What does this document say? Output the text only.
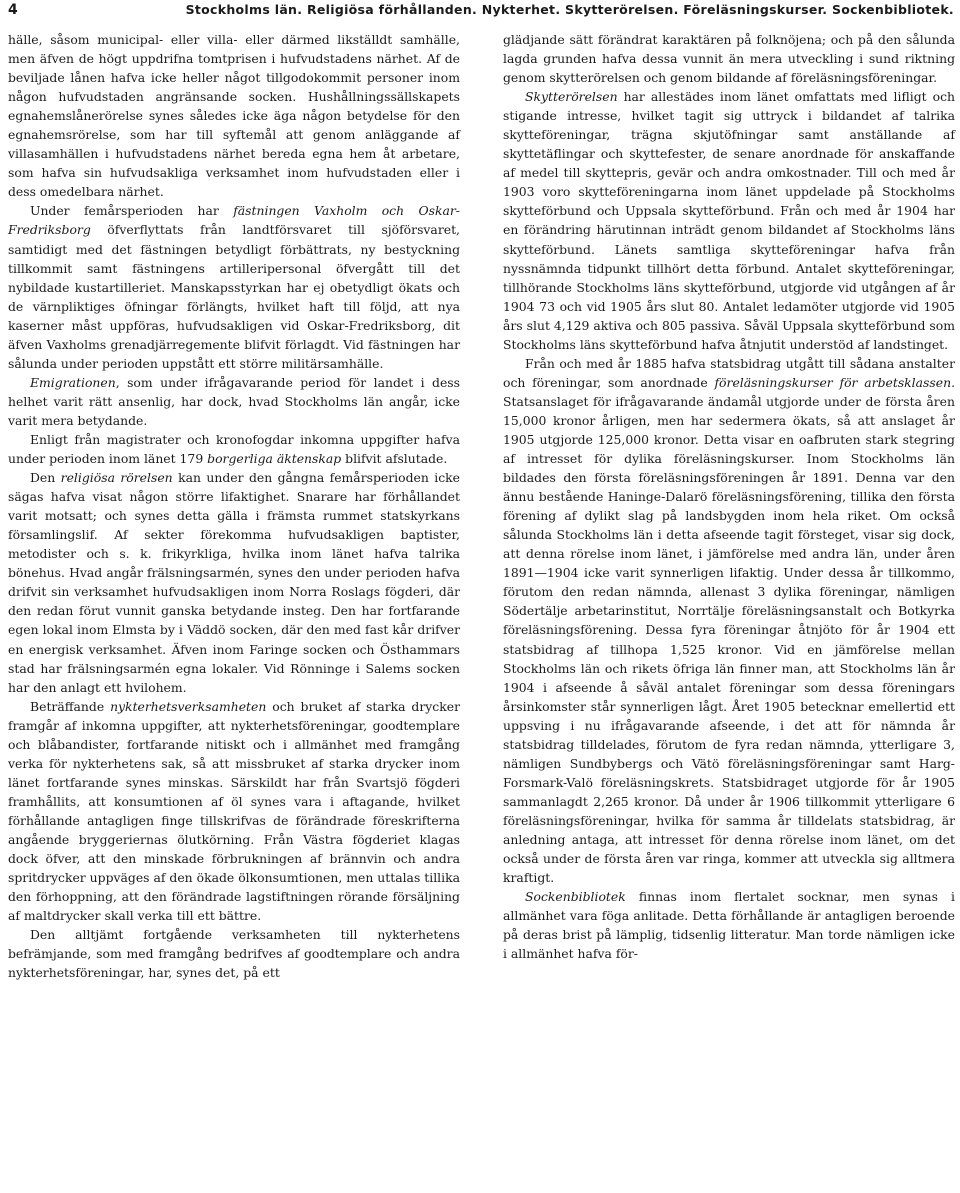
4	Stockholms län. Religiösa förhållanden. Nykterhet. Skytterörelsen. Föreläsningskurser. Sockenbibliotek.

hälle, såsom municipal- eller villa- eller därmed likställdt samhälle, men äfven de högt uppdrifna tomtprisen i hufvudstadens närhet. Af de beviljade lånen hafva icke heller något tillgodokommit personer inom någon hufvudstaden angränsande socken. Hushållningssällskapets egnahemslånerörelse synes således icke äga någon betydelse för den egnahemsrörelse, som har till syftemål att genom anläggande af villasamhällen i hufvudstadens närhet bereda egna hem åt arbetare, som hafva sin hufvudsakliga verksamhet inom hufvudstaden eller i dess omedelbara närhet.

Under femårsperioden har fästningen Vaxholm och Oskar-Fredriksborg öfverflyttats från landtförsvaret till sjöförsvaret, samtidigt med det fästningen betydligt förbättrats, ny bestyckning tillkommit samt fästningens artilleripersonal öfvergått till det nybildade kustartilleriet. Manskapsstyrkan har ej obetydligt ökats och de värnpliktiges öfningar förlängts, hvilket haft till följd, att nya kaserner måst uppföras, hufvudsakligen vid Oskar-Fredriksborg, dit äfven Vaxholms grenadjärregemente blifvit förlagdt. Vid fästningen har sålunda under perioden uppstått ett större militärsamhälle.

Emigrationen, som under ifrågavarande period för landet i dess helhet varit rätt ansenlig, har dock, hvad Stockholms län angår, icke varit mera betydande.

Enligt från magistrater och kronofogdar inkomna uppgifter hafva under perioden inom länet 179 borgerliga äktenskap blifvit afslutade.

Den religiösa rörelsen kan under den gångna femårsperioden icke sägas hafva visat någon större lifaktighet. Snarare har förhållandet varit motsatt; och synes detta gälla i främsta rummet statskyrkans församlingslif. Af sekter förekomma hufvudsakligen baptister, metodister och s. k. frikyrkliga, hvilka inom länet hafva talrika bönehus. Hvad angår frälsningsarmén, synes den under perioden hafva drifvit sin verksamhet hufvudsakligen inom Norra Roslags fögderi, där den redan förut vunnit ganska betydande insteg. Den har fortfarande egen lokal inom Elmsta by i Väddö socken, där den med fast kår drifver en energisk verksamhet. Äfven inom Faringe socken och Östhammars stad har frälsningsarmén egna lokaler. Vid Rönninge i Salems socken har den anlagt ett hvilohem.

Beträffande nykterhetsverksamheten och bruket af starka drycker framgår af inkomna uppgifter, att nykterhetsföreningar, goodtemplare och blåbandister, fortfarande nitiskt och i allmänhet med framgång verka för nykterhetens sak, så att missbruket af starka drycker inom länet fortfarande synes minskas. Särskildt har från Svartsjö fögderi framhållits, att konsumtionen af öl synes vara i aftagande, hvilket förhållande antagligen finge tillskrifvas de förändrade föreskrifterna angående bryggeriernas ölutkörning. Från Västra fögderiet klagas dock öfver, att den minskade förbrukningen af brännvin och andra spritdrycker uppväges af den ökade ölkonsumtionen, men uttalas tillika den förhoppning, att den förändrade lagstiftningen rörande försäljning af maltdrycker skall verka till ett bättre.

Den alltjämt fortgående verksamheten till nykterhetens befrämjande, som med framgång bedrifves af goodtemplare och andra nykterhetsföreningar, har, synes det, på ett

glädjande sätt förändrat karaktären på folknöjena; och på den sålunda lagda grunden hafva dessa vunnit än mera utveckling i sund riktning genom skytterörelsen och genom bildande af föreläsningsföreningar.

Skytterörelsen har allestädes inom länet omfattats med lifligt och stigande intresse, hvilket tagit sig uttryck i bildandet af talrika skytteföreningar, trägna skjutöfningar samt anställande af skyttetäflingar och skyttefester, de senare anordnade för anskaffande af medel till skyttepris, gevär och andra omkostnader. Till och med år 1903 voro skytteföreningarna inom länet uppdelade på Stockholms skytteförbund och Uppsala skytteförbund. Från och med år 1904 har en förändring härutinnan inträdt genom bildandet af Stockholms läns skytteförbund. Länets samtliga skytteföreningar hafva från nyssnämnda tidpunkt tillhört detta förbund. Antalet skytteföreningar, tillhörande Stockholms läns skytteförbund, utgjorde vid utgången af år 1904 73 och vid 1905 års slut 80. Antalet ledamöter utgjorde vid 1905 års slut 4,129 aktiva och 805 passiva. Såväl Uppsala skytteförbund som Stockholms läns skytteförbund hafva åtnjutit understöd af landstinget.

Från och med år 1885 hafva statsbidrag utgått till sådana anstalter och föreningar, som anordnade föreläsningskurser för arbetsklassen. Statsanslaget för ifrågavarande ändamål utgjorde under de första åren 15,000 kronor årligen, men har sedermera ökats, så att anslaget år 1905 utgjorde 125,000 kronor. Detta visar en oafbruten stark stegring af intresset för dylika föreläsningskurser. Inom Stockholms län bildades den första föreläsningsföreningen år 1891. Denna var den ännu bestående Haninge-Dalarö föreläsningsförening, tillika den första förening af dylikt slag på landsbygden inom hela riket. Om också sålunda Stockholms län i detta afseende tagit försteget, visar sig dock, att denna rörelse inom länet, i jämförelse med andra län, under åren 1891—1904 icke varit synnerligen lifaktig. Under dessa år tillkommo, förutom den redan nämnda, allenast 3 dylika föreningar, nämligen Södertälje arbetarinstitut, Norrtälje föreläsningsanstalt och Botkyrka föreläsningsförening. Dessa fyra föreningar åtnjöto för år 1904 ett statsbidrag af tillhopa 1,525 kronor. Vid en jämförelse mellan Stockholms län och rikets öfriga län finner man, att Stockholms län år 1904 i afseende å såväl antalet föreningar som dessa föreningars årsinkomster står synnerligen lågt. Året 1905 betecknar emellertid ett uppsving i nu ifrågavarande afseende, i det att för nämnda år statsbidrag tilldelades, förutom de fyra redan nämnda, ytterligare 3, nämligen Sundbybergs och Vätö föreläsningsföreningar samt Harg-Forsmark-Valö föreläsningskrets. Statsbidraget utgjorde för år 1905 sammanlagdt 2,265 kronor. Då under år 1906 tillkommit ytterligare 6 föreläsningsföreningar, hvilka för samma år tilldelats statsbidrag, är anledning antaga, att intresset för denna rörelse inom länet, om det också under de första åren var ringa, kommer att utveckla sig alltmera kraftigt.

Sockenbibliotek finnas inom flertalet socknar, men synas i allmänhet vara föga anlitade. Detta förhållande är antagligen beroende på deras brist på lämplig, tidsenlig litteratur. Man torde nämligen icke i allmänhet hafva för-
